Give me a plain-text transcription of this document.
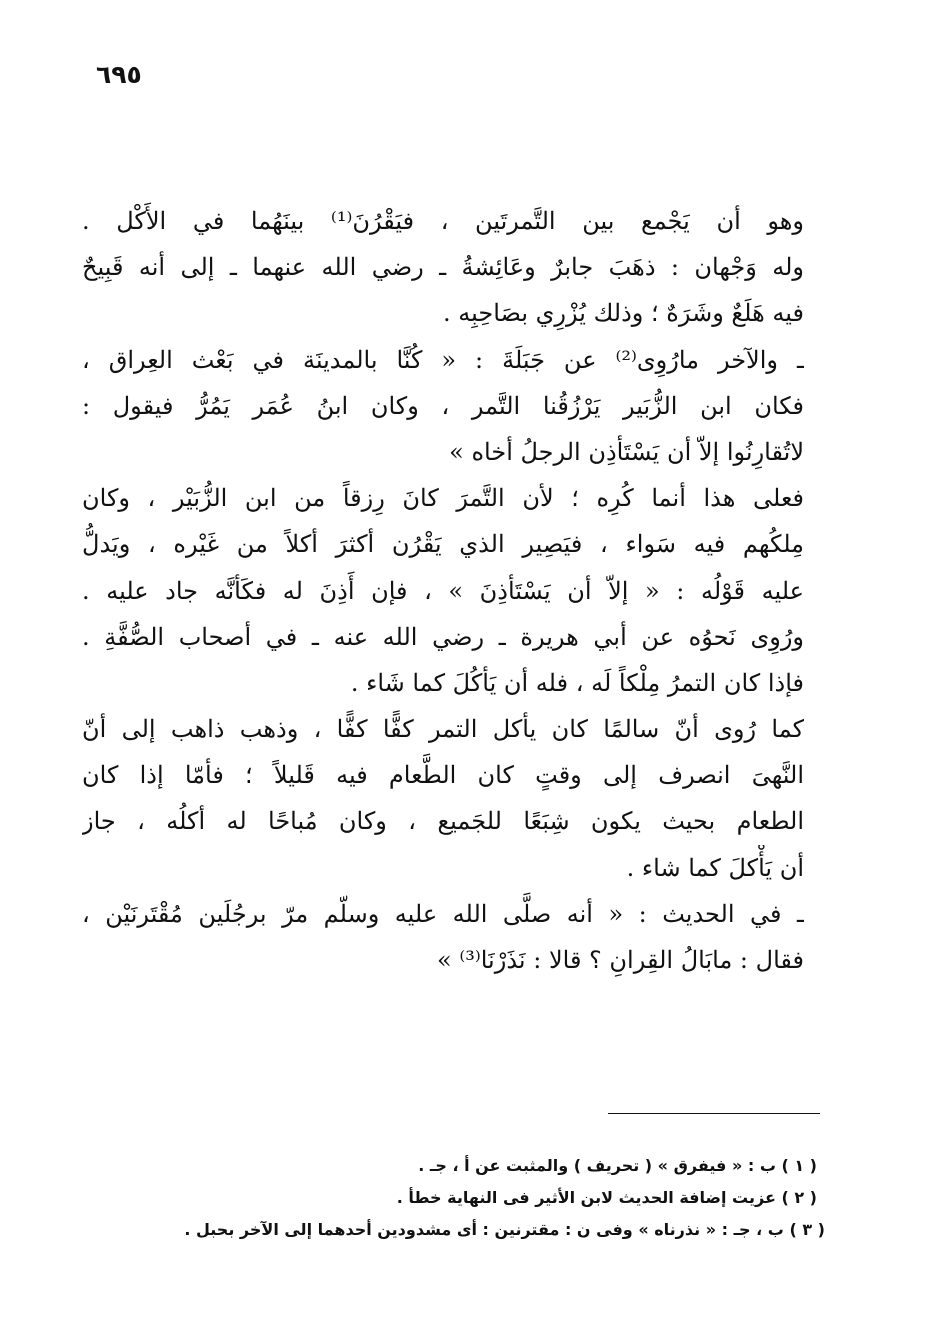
٦٩٥
وهو أن يَجْمع بين التَّمرتَين ، فيَقْرُنَ⁽¹⁾ بينَهُما في الأَكْل .
وله وَجْهان : ذهَبَ جابرٌ وعَائِشةُ ـ رضي الله عنهما ـ إلى أنه قَبِيحٌ
فيه هَلَعٌ وشَرَهٌ ؛ وذلك يُزْرِي بصَاحِبِه .
ـ والآخر مارُوِى⁽²⁾ عن جَبَلَةَ : « كُنَّا بالمدينَة في بَعْث العِراق ،
فكان ابن الزُّبَير يَرْزُقُنا التَّمر ، وكان ابنُ عُمَر يَمُرُّ فيقول :
لاتُقارِنُوا إلاّ أن يَسْتَأذِن الرجلُ أخاه »
فعلى هذا أنما كُرِه ؛ لأن التَّمرَ كانَ رِزقاً من ابن الزُّبَيْر ، وكان
مِلكُهم فيه سَواء ، فيَصِير الذي يَقْرُن أكثرَ أكلاً من غَيْره ، ويَدلُّ
عليه قَوْلُه : « إلاّ أن يَسْتَأذِنَ » ، فإن أَذِنَ له فكَأنَّه جاد عليه .
ورُوِى نَحوُه عن أبي هريرة ـ رضي الله عنه ـ في أصحاب الصُّفَّةِ .
فإذا كان التمرُ مِلْكاً لَه ، فله أن يَأكُلَ كما شَاء .
كما رُوى أنّ سالمًا كان يأكل التمر كفًّا كفًّا ، وذهب ذاهب إلى أنّ
النَّهىَ انصرف إلى وقتٍ كان الطَّعام فيه قَليلاً ؛ فأمّا إذا كان
الطعام بحيث يكون شِبَعًا للجَميع ، وكان مُباحًا له أكلُه ، جاز
أن يَأْكلَ كما شاء .
ـ في الحديث : « أنه صلَّى الله عليه وسلّم مرّ برجُلَين مُقْتَرنَيْن ،
فقال : مابَالُ القِرانِ ؟ قالا : نَذَرْنَا⁽³⁾ »
( ١ ) ب : « فيفرق » ( تحريف ) والمثبت عن أ ، جـ .
( ٢ ) عزيت إضافة الحديث لابن الأثير فى النهاية خطأ .
( ٣ ) ب ، جـ : « نذرناه » وفى ن : مقترنين : أى مشدودين أحدهما إلى الآخر بحبل .
